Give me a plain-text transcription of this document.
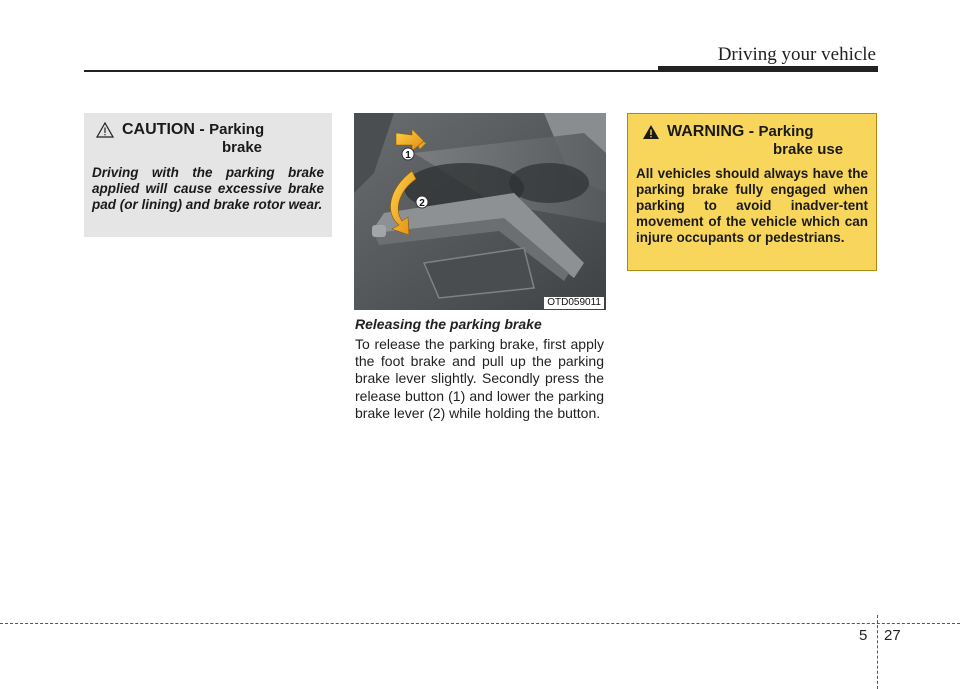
Driving your vehicle
CAUTION - Parking
brake
Driving with the parking brake applied will cause excessive brake pad (or lining) and brake rotor wear.
1
2
OTD059011
Releasing the parking brake
To release the parking brake, first apply the foot brake and pull up the parking brake lever slightly. Secondly press the release button (1) and lower the parking brake lever (2) while holding the button.
WARNING - Parking
brake use
All vehicles should always have the parking brake fully engaged when parking to avoid inadver-tent movement of the vehicle which can injure occupants or pedestrians.
5 27
